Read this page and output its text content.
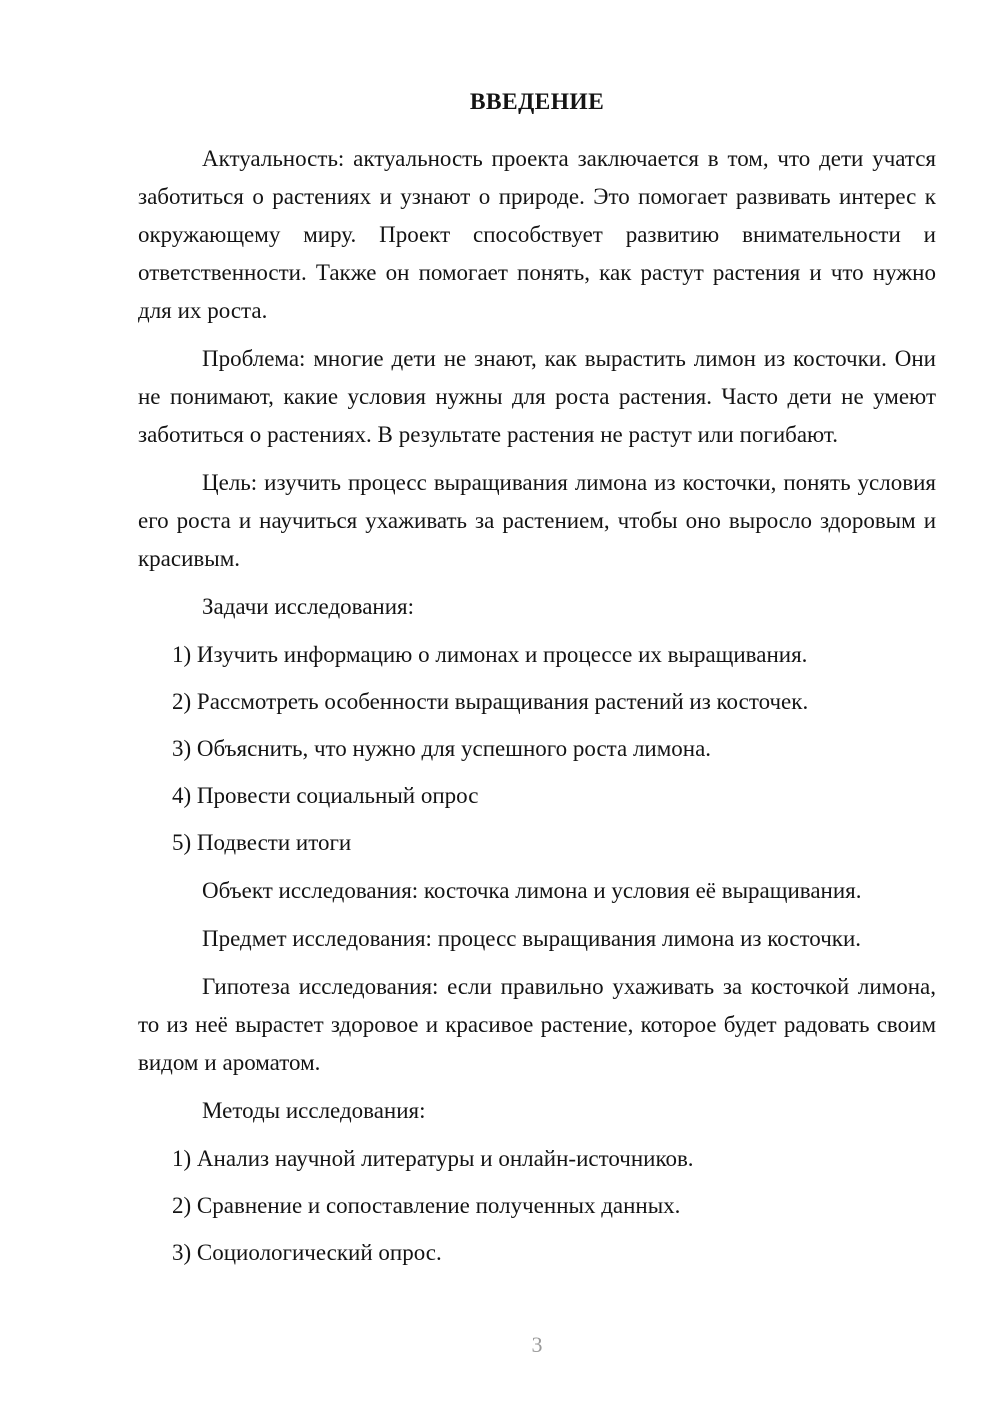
ВВЕДЕНИЕ

Актуальность: актуальность проекта заключается в том, что дети учатся заботиться о растениях и узнают о природе. Это помогает развивать интерес к окружающему миру. Проект способствует развитию внимательности и ответственности. Также он помогает понять, как растут растения и что нужно для их роста.

Проблема: многие дети не знают, как вырастить лимон из косточки. Они не понимают, какие условия нужны для роста растения. Часто дети не умеют заботиться о растениях. В результате растения не растут или погибают.

Цель: изучить процесс выращивания лимона из косточки, понять условия его роста и научиться ухаживать за растением, чтобы оно выросло здоровым и красивым.

Задачи исследования:

1) Изучить информацию о лимонах и процессе их выращивания.
2) Рассмотреть особенности выращивания растений из косточек.
3) Объяснить, что нужно для успешного роста лимона.
4) Провести социальный опрос
5) Подвести итоги

Объект исследования: косточка лимона и условия её выращивания.

Предмет исследования: процесс выращивания лимона из косточки.

Гипотеза исследования: если правильно ухаживать за косточкой лимона, то из неё вырастет здоровое и красивое растение, которое будет радовать своим видом и ароматом.

Методы исследования:

1) Анализ научной литературы и онлайн-источников.
2) Сравнение и сопоставление полученных данных.
3) Социологический опрос.
3
